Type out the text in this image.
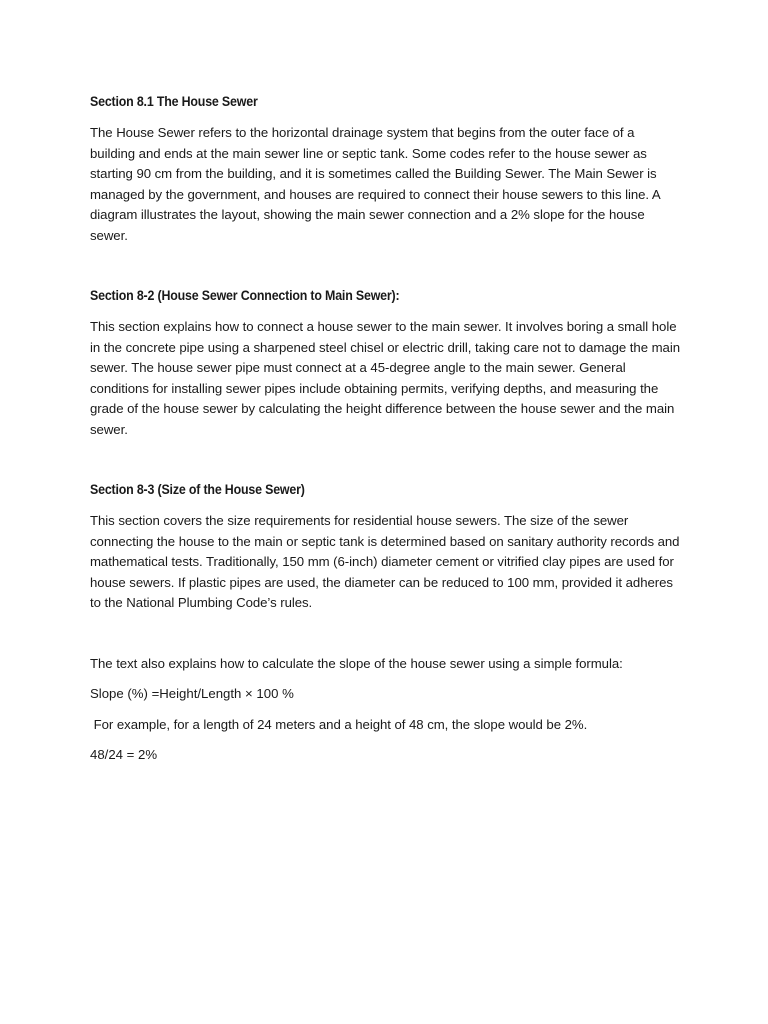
Section 8.1 The House Sewer

The House Sewer refers to the horizontal drainage system that begins from the outer face of a building and ends at the main sewer line or septic tank. Some codes refer to the house sewer as starting 90 cm from the building, and it is sometimes called the Building Sewer. The Main Sewer is managed by the government, and houses are required to connect their house sewers to this line. A diagram illustrates the layout, showing the main sewer connection and a 2% slope for the house sewer.

Section 8-2 (House Sewer Connection to Main Sewer):

This section explains how to connect a house sewer to the main sewer. It involves boring a small hole in the concrete pipe using a sharpened steel chisel or electric drill, taking care not to damage the main sewer. The house sewer pipe must connect at a 45-degree angle to the main sewer. General conditions for installing sewer pipes include obtaining permits, verifying depths, and measuring the grade of the house sewer by calculating the height difference between the house sewer and the main sewer.

Section 8-3 (Size of the House Sewer)

This section covers the size requirements for residential house sewers. The size of the sewer connecting the house to the main or septic tank is determined based on sanitary authority records and mathematical tests. Traditionally, 150 mm (6-inch) diameter cement or vitrified clay pipes are used for house sewers. If plastic pipes are used, the diameter can be reduced to 100 mm, provided it adheres to the National Plumbing Code’s rules.

The text also explains how to calculate the slope of the house sewer using a simple formula:

Slope (%) =Height/Length × 100 %

For example, for a length of 24 meters and a height of 48 cm, the slope would be 2%.

48/24 = 2%
